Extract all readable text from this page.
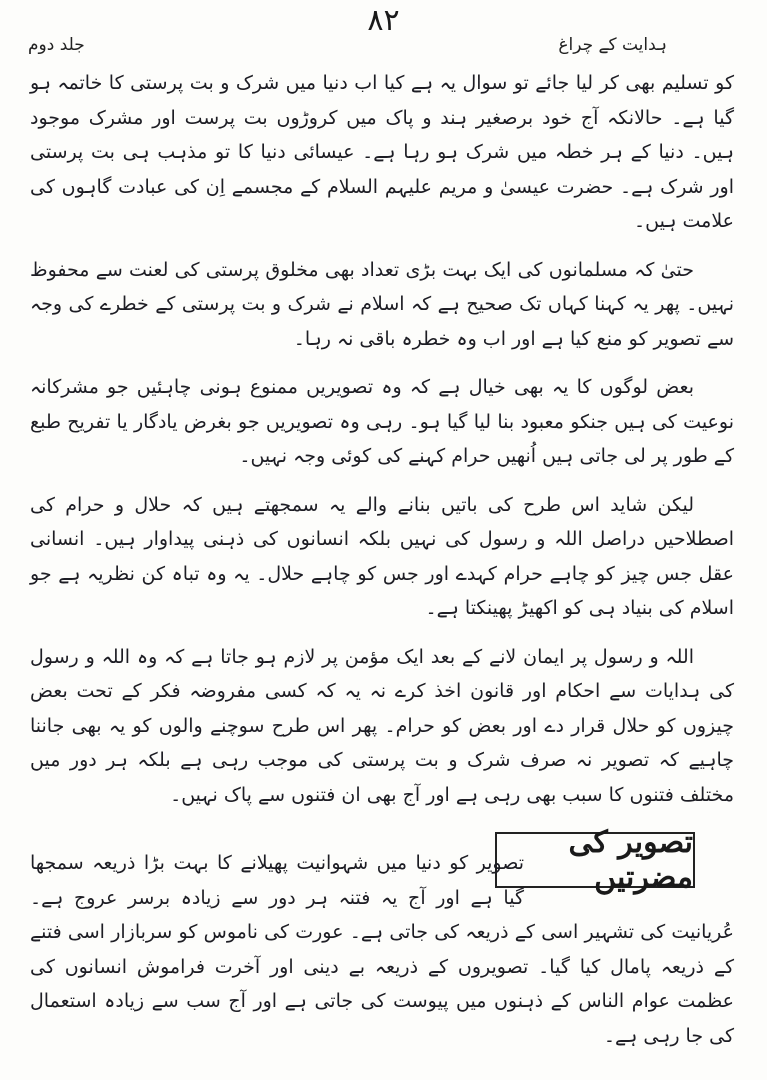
۸۲
ہدایت کے چراغ
جلد دوم

کو تسلیم بھی کر لیا جائے تو سوال یہ ہے کیا اب دنیا میں شرک و بت پرستی کا خاتمہ ہو گیا ہے۔ حالانکہ آج خود برصغیر ہند و پاک میں کروڑوں بت پرست اور مشرک موجود ہیں۔ دنیا کے ہر خطہ میں شرک ہو رہا ہے۔ عیسائی دنیا کا تو مذہب ہی بت پرستی اور شرک ہے۔ حضرت عیسیٰ و مریم علیہم السلام کے مجسمے اِن کی عبادت گاہوں کی علامت ہیں۔

حتیٰ کہ مسلمانوں کی ایک بہت بڑی تعداد بھی مخلوق پرستی کی لعنت سے محفوظ نہیں۔ پھر یہ کہنا کہاں تک صحیح ہے کہ اسلام نے شرک و بت پرستی کے خطرے کی وجہ سے تصویر کو منع کیا ہے اور اب وہ خطرہ باقی نہ رہا۔

بعض لوگوں کا یہ بھی خیال ہے کہ وہ تصویریں ممنوع ہونی چاہئیں جو مشرکانہ نوعیت کی ہیں جنکو معبود بنا لیا گیا ہو۔ رہی وہ تصویریں جو بغرض یادگار یا تفریح طبع کے طور پر لی جاتی ہیں اُنھیں حرام کہنے کی کوئی وجہ نہیں۔

لیکن شاید اس طرح کی باتیں بنانے والے یہ سمجھتے ہیں کہ حلال و حرام کی اصطلاحیں دراصل اللہ و رسول کی نہیں بلکہ انسانوں کی ذہنی پیداوار ہیں۔ انسانی عقل جس چیز کو چاہے حرام کہدے اور جس کو چاہے حلال۔ یہ وہ تباہ کن نظریہ ہے جو اسلام کی بنیاد ہی کو اکھیڑ پھینکتا ہے۔

اللہ و رسول پر ایمان لانے کے بعد ایک مؤمن پر لازم ہو جاتا ہے کہ وہ اللہ و رسول کی ہدایات سے احکام اور قانون اخذ کرے نہ یہ کہ کسی مفروضہ فکر کے تحت بعض چیزوں کو حلال قرار دے اور بعض کو حرام۔ پھر اس طرح سوچنے والوں کو یہ بھی جاننا چاہیے کہ تصویر نہ صرف شرک و بت پرستی کی موجب رہی ہے بلکہ ہر دور میں مختلف فتنوں کا سبب بھی رہی ہے اور آج بھی ان فتنوں سے پاک نہیں۔

تصویر کی مضرتیں

تصویر کو دنیا میں شہوانیت پھیلانے کا بہت بڑا ذریعہ سمجھا گیا ہے اور آج یہ فتنہ ہر دور سے زیادہ برسر عروج ہے۔ عُریانیت کی تشہیر اسی کے ذریعہ کی جاتی ہے۔ عورت کی ناموس کو سربازار اسی فتنے کے ذریعہ پامال کیا گیا۔ تصویروں کے ذریعہ بے دینی اور آخرت فراموش انسانوں کی عظمت عوام الناس کے ذہنوں میں پیوست کی جاتی ہے اور آج سب سے زیادہ استعمال کی جا رہی ہے۔
